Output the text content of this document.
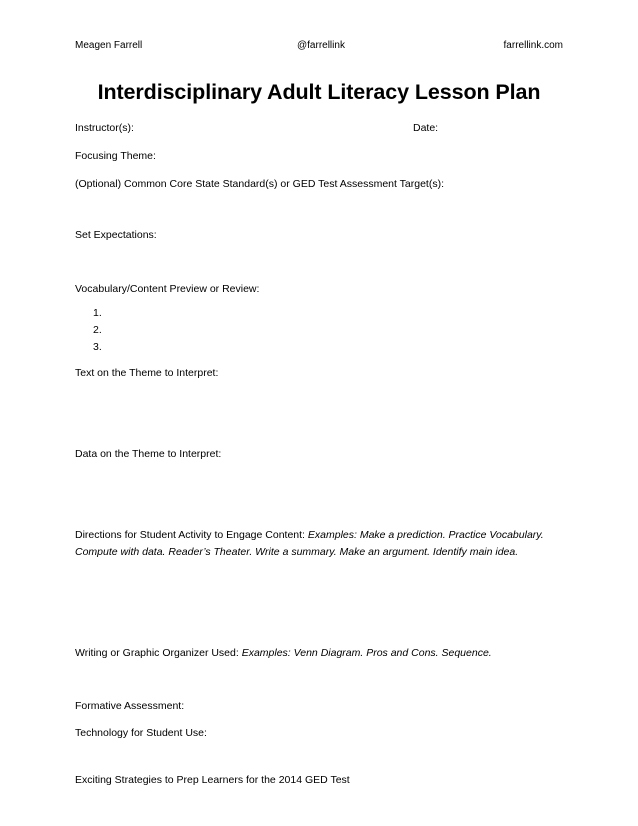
Meagen Farrell	@farrellink	farrellink.com
Interdisciplinary Adult Literacy Lesson Plan
Instructor(s):	Date:
Focusing Theme:
(Optional) Common Core State Standard(s) or GED Test Assessment Target(s):
Set Expectations:
Vocabulary/Content Preview or Review:
1.
2.
3.
Text on the Theme to Interpret:
Data on the Theme to Interpret:
Directions for Student Activity to Engage Content: Examples: Make a prediction. Practice Vocabulary.
Compute with data. Reader’s Theater. Write a summary. Make an argument. Identify main idea.
Writing or Graphic Organizer Used: Examples: Venn Diagram. Pros and Cons. Sequence.
Formative Assessment:
Technology for Student Use:
Exciting Strategies to Prep Learners for the 2014 GED Test
